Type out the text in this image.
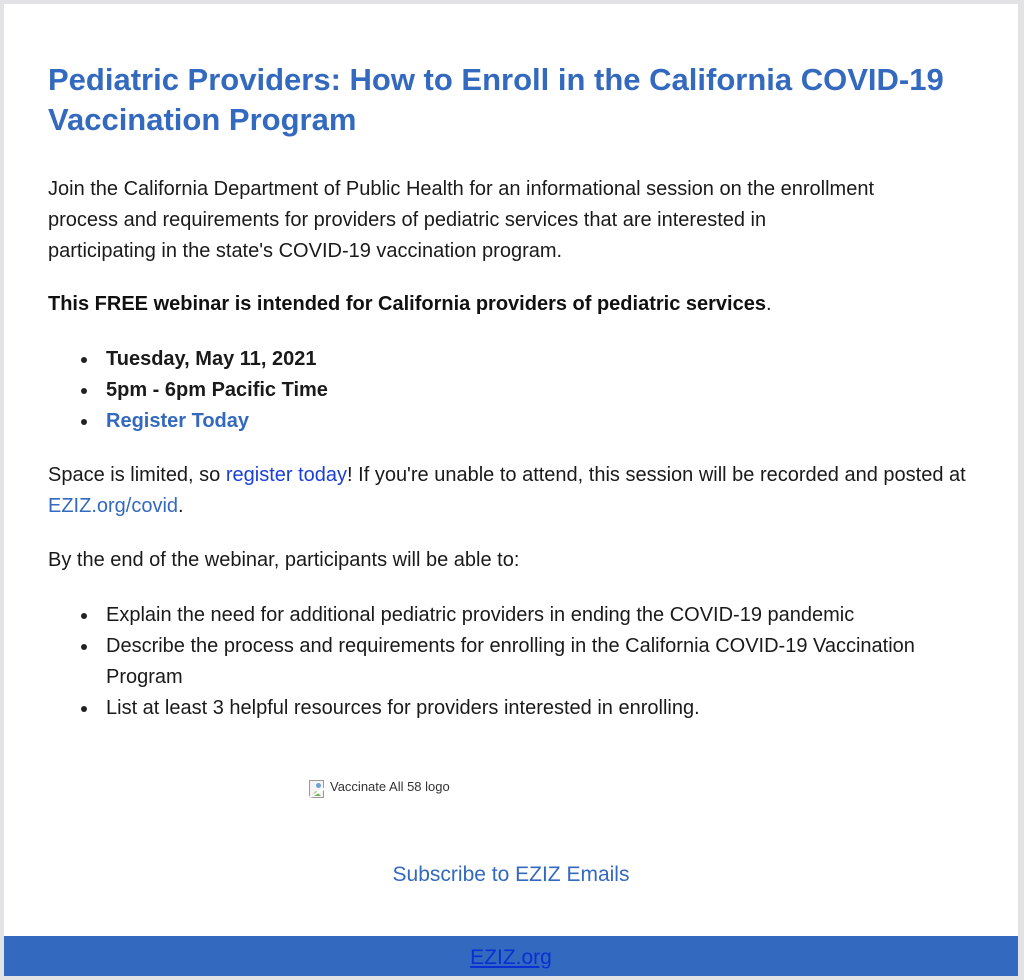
Pediatric Providers: How to Enroll in the California COVID-19 Vaccination Program

Join the California Department of Public Health for an informational session on the enrollment process and requirements for providers of pediatric services that are interested in participating in the state's COVID-19 vaccination program.

This FREE webinar is intended for California providers of pediatric services.

Tuesday, May 11, 2021
5pm - 6pm Pacific Time
Register Today

Space is limited, so register today! If you're unable to attend, this session will be recorded and posted at EZIZ.org/covid.

By the end of the webinar, participants will be able to:

Explain the need for additional pediatric providers in ending the COVID-19 pandemic
Describe the process and requirements for enrolling in the California COVID-19 Vaccination Program
List at least 3 helpful resources for providers interested in enrolling.
Vaccinate All 58 logo
Subscribe to EZIZ Emails
EZIZ.org
